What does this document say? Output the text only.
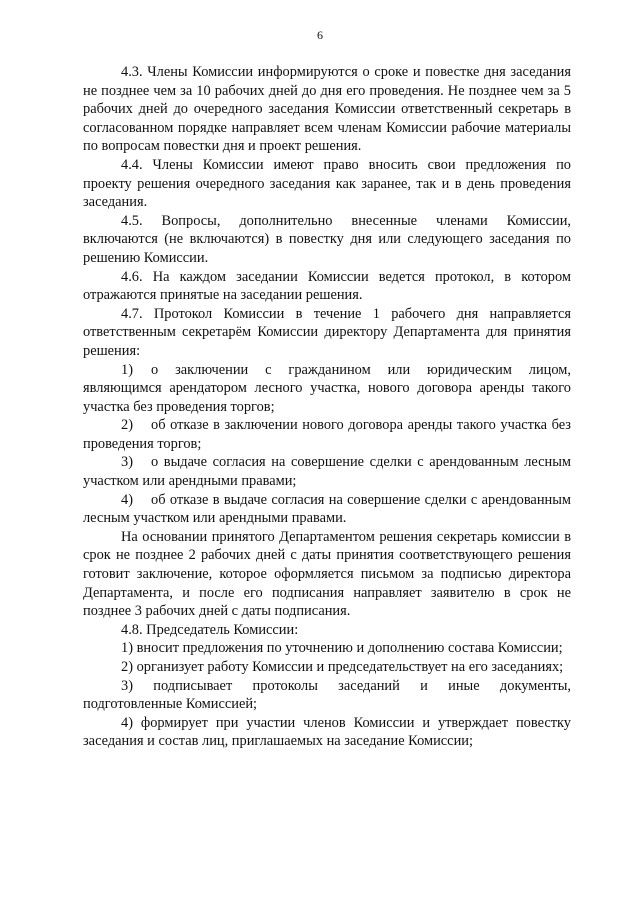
6

4.3. Члены Комиссии информируются о сроке и повестке дня заседания не позднее чем за 10 рабочих дней до дня его проведения. Не позднее чем за 5 рабочих дней до очередного заседания Комиссии ответственный секретарь в согласованном порядке направляет всем членам Комиссии рабочие материалы по вопросам повестки дня и проект решения.

4.4. Члены Комиссии имеют право вносить свои предложения по проекту решения очередного заседания как заранее, так и в день проведения заседания.

4.5. Вопросы, дополнительно внесенные членами Комиссии, включаются (не включаются) в повестку дня или следующего заседания по решению Комиссии.

4.6. На каждом заседании Комиссии ведется протокол, в котором отражаются принятые на заседании решения.

4.7. Протокол Комиссии в течение 1 рабочего дня направляется ответственным секретарём Комиссии директору Департамента для принятия решения:

1) о заключении с гражданином или юридическим лицом, являющимся арендатором лесного участка, нового договора аренды такого участка без проведения торгов;

2) об отказе в заключении нового договора аренды такого участка без проведения торгов;

3) о выдаче согласия на совершение сделки с арендованным лесным участком или арендными правами;

4) об отказе в выдаче согласия на совершение сделки с арендованным лесным участком или арендными правами.

На основании принятого Департаментом решения секретарь комиссии в срок не позднее 2 рабочих дней с даты принятия соответствующего решения готовит заключение, которое оформляется письмом за подписью директора Департамента, и после его подписания направляет заявителю в срок не позднее 3 рабочих дней с даты подписания.

4.8. Председатель Комиссии:

1) вносит предложения по уточнению и дополнению состава Комиссии;

2) организует работу Комиссии и председательствует на его заседаниях;

3) подписывает протоколы заседаний и иные документы, подготовленные Комиссией;

4) формирует при участии членов Комиссии и утверждает повестку заседания и состав лиц, приглашаемых на заседание Комиссии;
